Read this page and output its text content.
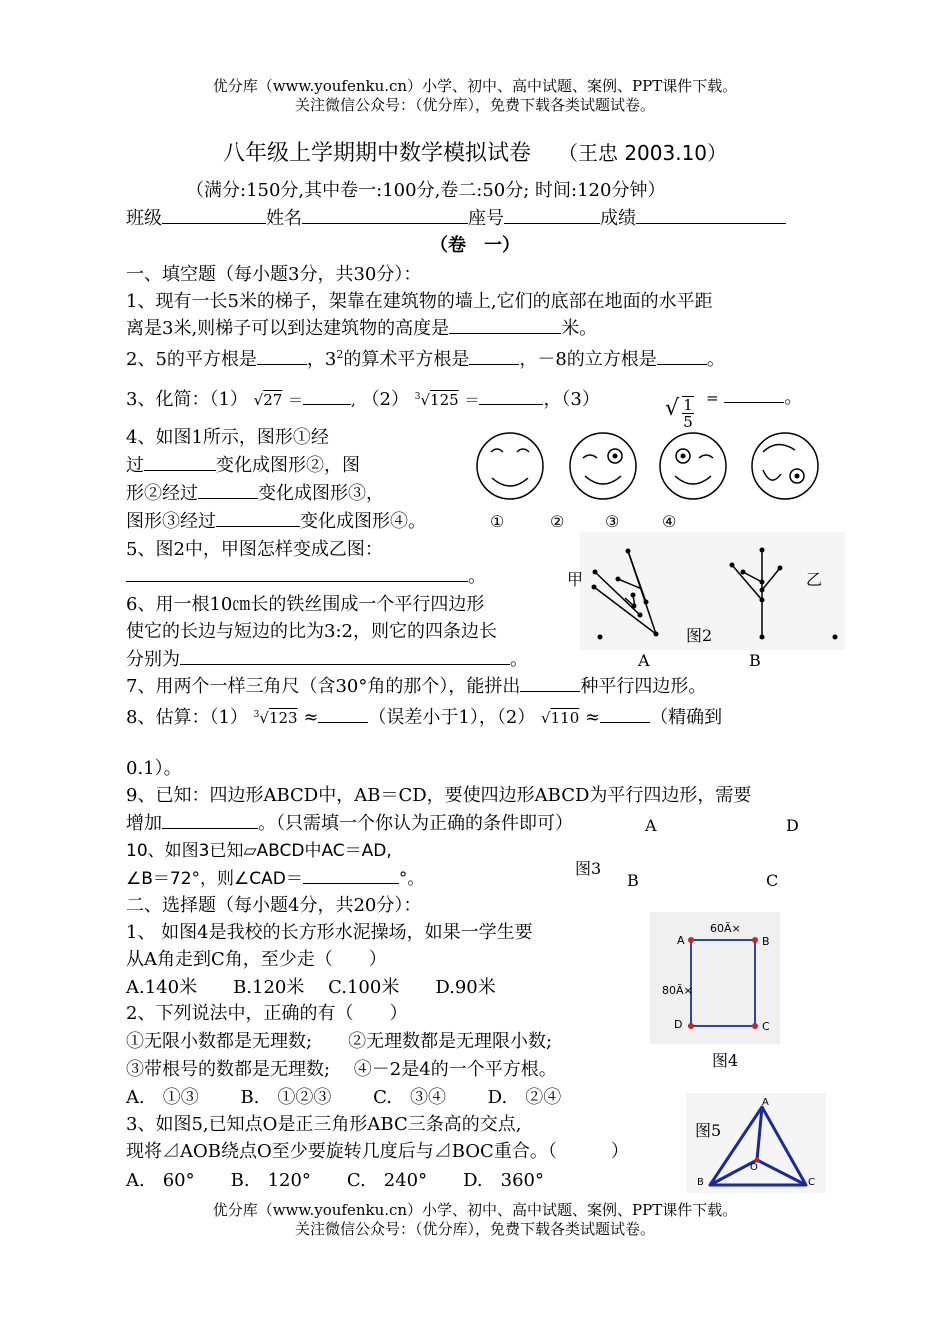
优分库（www.youfenku.cn）小学、初中、高中试题、案例、PPT课件下载。
关注微信公众号：（优分库），免费下载各类试题试卷。
八年级上学期期中数学模拟试卷 （王忠 2003.10）
（满分:150分,其中卷一:100分,卷二:50分; 时间:120分钟）
班级	姓名	座号	成绩
（卷　一）
一、填空题（每小题3分，共30分）：
1、现有一长5米的梯子，架靠在建筑物的墙上,它们的底部在地面的水平距
离是3米,则梯子可以到达建筑物的高度是	米。
2、5的平方根是	，$3^2$的算术平方根是	，－8的立方根是	。
3、化简：（1） √27 ＝	, （2） $^3$√125 ＝	，（3）	√ $\frac{1}{5}$ =	。
4、如图1所示，图形①经
过	变化成图形②，图
形②经过	变化成图形③，
图形③经过	变化成图形④。	①	②	③	④
5、图2中，甲图怎样变成乙图：
。	甲	乙
图2
A	B
6、用一根10㎝长的铁丝围成一个平行四边形
使它的长边与短边的比为3:2，则它的四条边长
分别为	。
7、用两个一样三角尺（含30°角的那个），能拼出	种平行四边形。
8、估算：（1） $^3$√123 ≈	（误差小于1），（2） √110 ≈	（精确到
0.1）。
9、已知：四边形ABCD中，AB＝CD，要使四边形ABCD为平行四边形，需要
增加	。（只需填一个你认为正确的条件即可）	A	D
图3
B	C
10、如图3已知▱ABCD中AC＝AD,
∠B＝72°，则∠CAD＝	°。
二、选择题（每小题4分，共20分）：
1、 如图4是我校的长方形水泥操场，如果一学生要
从A角走到C角，至少走（　　）
A.140米　　B.120米　 C.100米　　D.90米
60Ã×
80Ã×
A	B
D	C
图4
2、下列说法中，正确的有（　　）
①无限小数都是无理数;　　②无理数都是无理限小数;
③带根号的数都是无理数;　 ④－2是4的一个平方根。
A.　①③　　 B.　①②③　　 C.　③④　　 D.　②④
3、如图5,已知点O是正三角形ABC三条高的交点,
现将⊿AOB绕点O至少要旋转几度后与⊿BOC重合。（　　　）
A.　60°　　B.　120°　　C.　240°　　D.　360°
图5
A
O
B	C
优分库（www.youfenku.cn）小学、初中、高中试题、案例、PPT课件下载。
关注微信公众号：（优分库），免费下载各类试题试卷。
